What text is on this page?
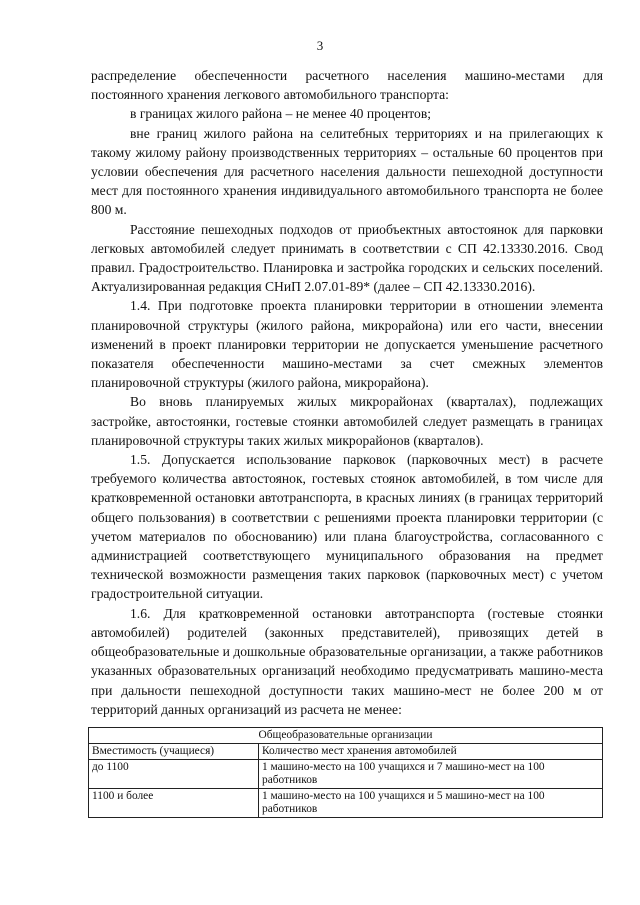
3

распределение обеспеченности расчетного населения машино-местами для постоянного хранения легкового автомобильного транспорта:

в границах жилого района – не менее 40 процентов;

вне границ жилого района на селитебных территориях и на прилегающих к такому жилому району производственных территориях – остальные 60 процентов при условии обеспечения для расчетного населения дальности пешеходной доступности мест для постоянного хранения индивидуального автомобильного транспорта не более 800 м.

Расстояние пешеходных подходов от приобъектных автостоянок для парковки легковых автомобилей следует принимать в соответствии с СП 42.13330.2016. Свод правил. Градостроительство. Планировка и застройка городских и сельских поселений. Актуализированная редакция СНиП 2.07.01-89* (далее – СП 42.13330.2016).

1.4. При подготовке проекта планировки территории в отношении элемента планировочной структуры (жилого района, микрорайона) или его части, внесении изменений в проект планировки территории не допускается уменьшение расчетного показателя обеспеченности машино-местами за счет смежных элементов планировочной структуры (жилого района, микрорайона).

Во вновь планируемых жилых микрорайонах (кварталах), подлежащих застройке, автостоянки, гостевые стоянки автомобилей следует размещать в границах планировочной структуры таких жилых микрорайонов (кварталов).

1.5. Допускается использование парковок (парковочных мест) в расчете требуемого количества автостоянок, гостевых стоянок автомобилей, в том числе для кратковременной остановки автотранспорта, в красных линиях (в границах территорий общего пользования) в соответствии с решениями проекта планировки территории (с учетом материалов по обоснованию) или плана благоустройства, согласованного с администрацией соответствующего муниципального образования на предмет технической возможности размещения таких парковок (парковочных мест) с учетом градостроительной ситуации.

1.6. Для кратковременной остановки автотранспорта (гостевые стоянки автомобилей) родителей (законных представителей), привозящих детей в общеобразовательные и дошкольные образовательные организации, а также работников указанных образовательных организаций необходимо предусматривать машино-места при дальности пешеходной доступности таких машино-мест не более 200 м от территорий данных организаций из расчета не менее:

Общеобразовательные организации	
Вместимость (учащиеся)	Количество мест хранения автомобилей
до 1100	1 машино-место на 100 учащихся и 7 машино-мест на 100 работников
1100 и более	1 машино-место на 100 учащихся и 5 машино-мест на 100 работников
